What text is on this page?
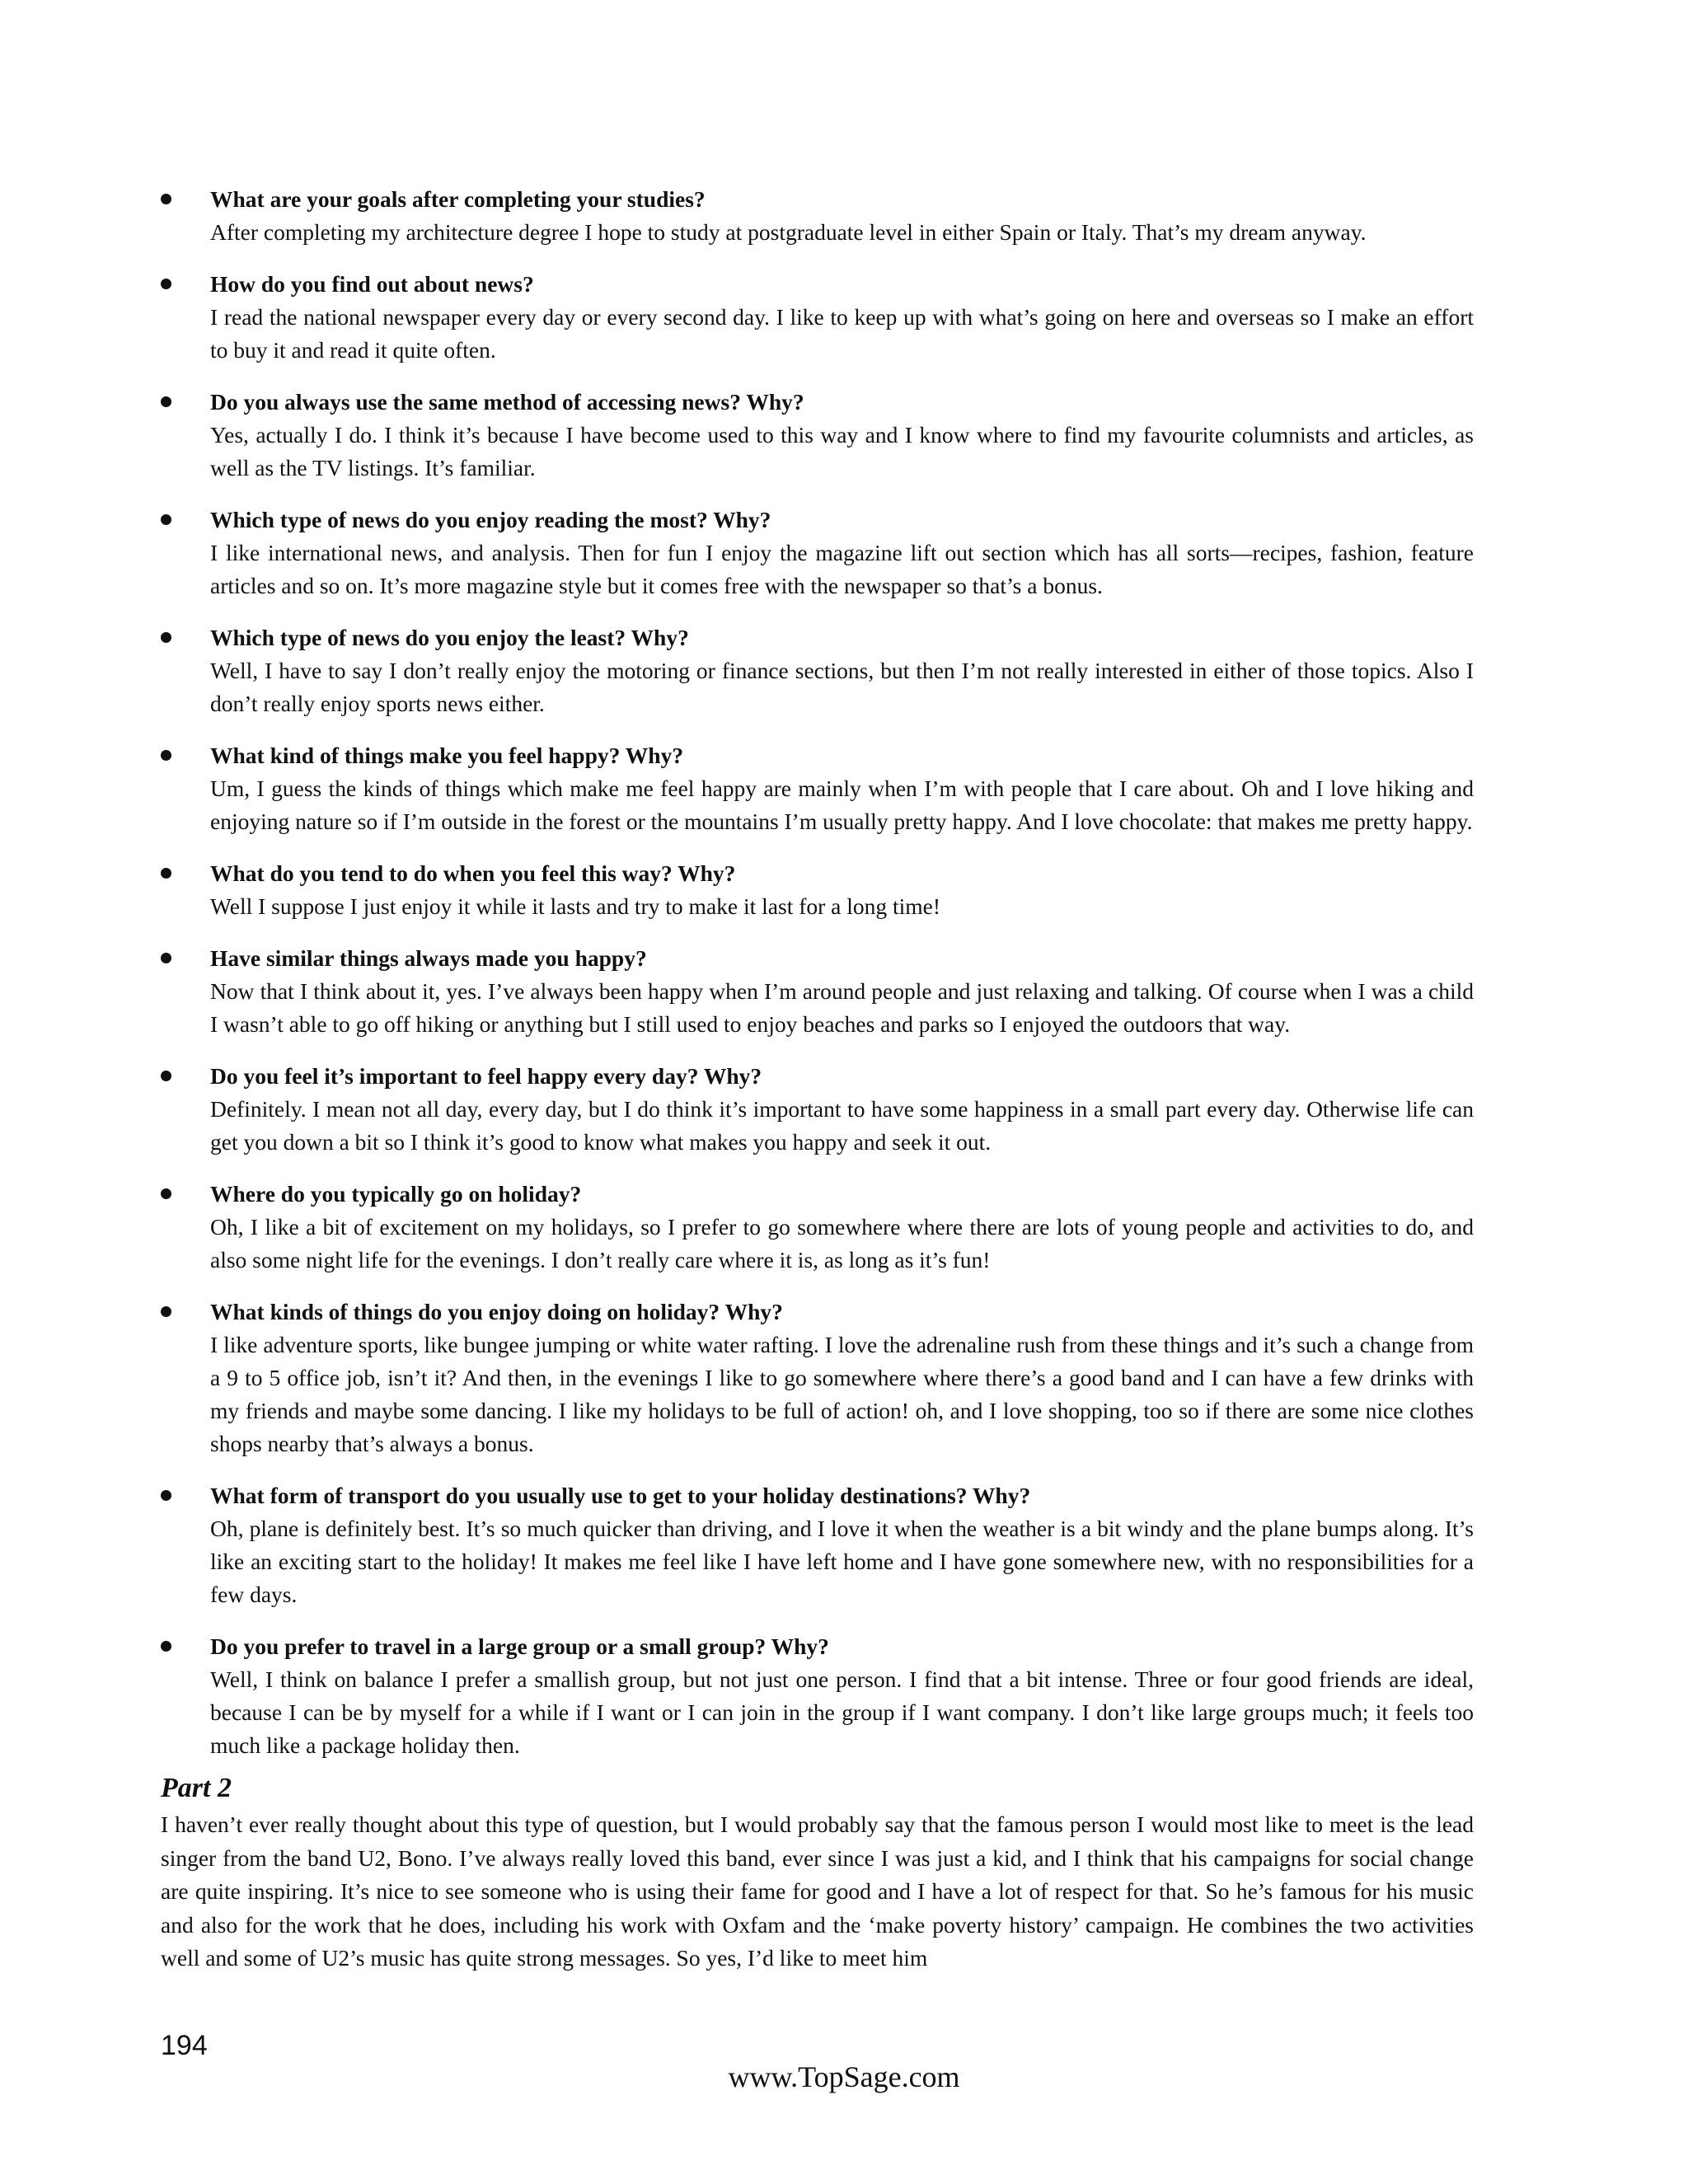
What are your goals after completing your studies?

After completing my architecture degree I hope to study at postgraduate level in either Spain or Italy. That’s my dream anyway.

How do you find out about news?

I read the national newspaper every day or every second day. I like to keep up with what’s going on here and overseas so I make an effort to buy it and read it quite often.

Do you always use the same method of accessing news? Why?

Yes, actually I do. I think it’s because I have become used to this way and I know where to find my favourite columnists and articles, as well as the TV listings. It’s familiar.

Which type of news do you enjoy reading the most? Why?

I like international news, and analysis. Then for fun I enjoy the magazine lift out section which has all sorts—recipes, fashion, feature articles and so on. It’s more magazine style but it comes free with the newspaper so that’s a bonus.

Which type of news do you enjoy the least? Why?

Well, I have to say I don’t really enjoy the motoring or finance sections, but then I’m not really interested in either of those topics. Also I don’t really enjoy sports news either.

What kind of things make you feel happy? Why?

Um, I guess the kinds of things which make me feel happy are mainly when I’m with people that I care about. Oh and I love hiking and enjoying nature so if I’m outside in the forest or the mountains I’m usually pretty happy. And I love chocolate: that makes me pretty happy.

What do you tend to do when you feel this way? Why?

Well I suppose I just enjoy it while it lasts and try to make it last for a long time!

Have similar things always made you happy?

Now that I think about it, yes. I’ve always been happy when I’m around people and just relaxing and talking. Of course when I was a child I wasn’t able to go off hiking or anything but I still used to enjoy beaches and parks so I enjoyed the outdoors that way.

Do you feel it’s important to feel happy every day? Why?

Definitely. I mean not all day, every day, but I do think it’s important to have some happiness in a small part every day. Otherwise life can get you down a bit so I think it’s good to know what makes you happy and seek it out.

Where do you typically go on holiday?

Oh, I like a bit of excitement on my holidays, so I prefer to go somewhere where there are lots of young people and activities to do, and also some night life for the evenings. I don’t really care where it is, as long as it’s fun!

What kinds of things do you enjoy doing on holiday? Why?

I like adventure sports, like bungee jumping or white water rafting. I love the adrenaline rush from these things and it’s such a change from a 9 to 5 office job, isn’t it? And then, in the evenings I like to go somewhere where there’s a good band and I can have a few drinks with my friends and maybe some dancing. I like my holidays to be full of action! oh, and I love shopping, too so if there are some nice clothes shops nearby that’s always a bonus.

What form of transport do you usually use to get to your holiday destinations? Why?

Oh, plane is definitely best. It’s so much quicker than driving, and I love it when the weather is a bit windy and the plane bumps along. It’s like an exciting start to the holiday! It makes me feel like I have left home and I have gone somewhere new, with no responsibilities for a few days.

Do you prefer to travel in a large group or a small group? Why?

Well, I think on balance I prefer a smallish group, but not just one person. I find that a bit intense. Three or four good friends are ideal, because I can be by myself for a while if I want or I can join in the group if I want company. I don’t like large groups much; it feels too much like a package holiday then.

Part 2

I haven’t ever really thought about this type of question, but I would probably say that the famous person I would most like to meet is the lead singer from the band U2, Bono. I’ve always really loved this band, ever since I was just a kid, and I think that his campaigns for social change are quite inspiring. It’s nice to see someone who is using their fame for good and I have a lot of respect for that. So he’s famous for his music and also for the work that he does, including his work with Oxfam and the ‘make poverty history’ campaign. He combines the two activities well and some of U2’s music has quite strong messages. So yes, I’d like to meet him

194
www.TopSage.com
